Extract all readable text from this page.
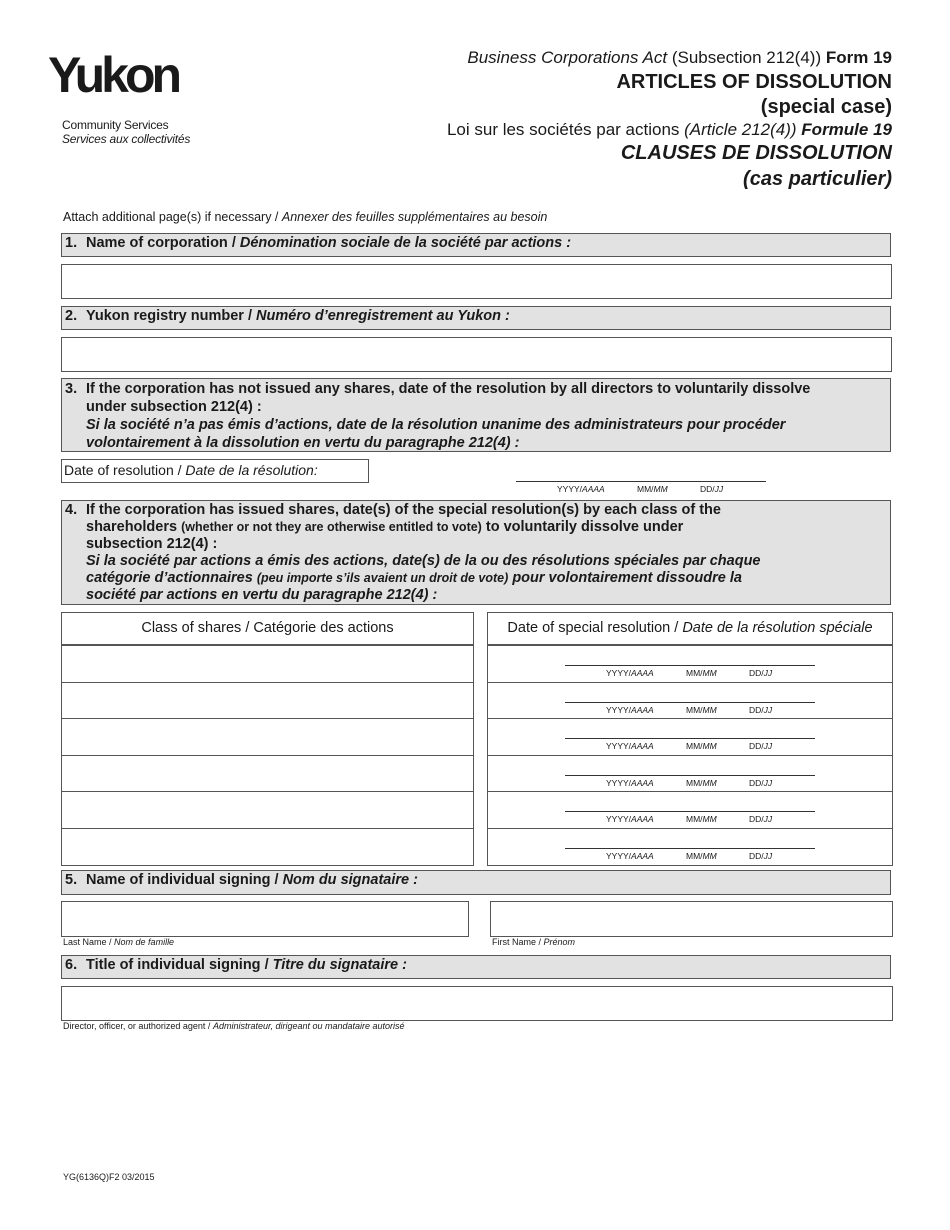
Yukon
Community Services
Services aux collectivités
Business Corporations Act (Subsection 212(4)) Form 19
ARTICLES OF DISSOLUTION
(special case)
Loi sur les sociétés par actions (Article 212(4)) Formule 19
CLAUSES DE DISSOLUTION
(cas particulier)
Attach additional page(s) if necessary / Annexer des feuilles supplémentaires au besoin
1. Name of corporation / Dénomination sociale de la société par actions :
2. Yukon registry number / Numéro d’enregistrement au Yukon :
3. If the corporation has not issued any shares, date of the resolution by all directors to voluntarily dissolve
under subsection 212(4) :
Si la société n’a pas émis d’actions, date de la résolution unanime des administrateurs pour procéder
volontairement à la dissolution en vertu du paragraphe 212(4) :
Date of resolution / Date de la résolution:
YYYY/AAAA	MM/MM	DD/JJ
4. If the corporation has issued shares, date(s) of the special resolution(s) by each class of the
shareholders (whether or not they are otherwise entitled to vote) to voluntarily dissolve under
subsection 212(4) :
Si la société par actions a émis des actions, date(s) de la ou des résolutions spéciales par chaque
catégorie d’actionnaires (peu importe s’ils avaient un droit de vote) pour volontairement dissoudre la
société par actions en vertu du paragraphe 212(4) :
Class of shares / Catégorie des actions	Date of special resolution / Date de la résolution spéciale
YYYY/AAAA	MM/MM	DD/JJ
YYYY/AAAA	MM/MM	DD/JJ
YYYY/AAAA	MM/MM	DD/JJ
YYYY/AAAA	MM/MM	DD/JJ
YYYY/AAAA	MM/MM	DD/JJ
YYYY/AAAA	MM/MM	DD/JJ
5. Name of individual signing / Nom du signataire :
Last Name / Nom de famille	First Name / Prénom
6. Title of individual signing / Titre du signataire :
Director, officer, or authorized agent / Administrateur, dirigeant ou mandataire autorisé
YG(6136Q)F2 03/2015
